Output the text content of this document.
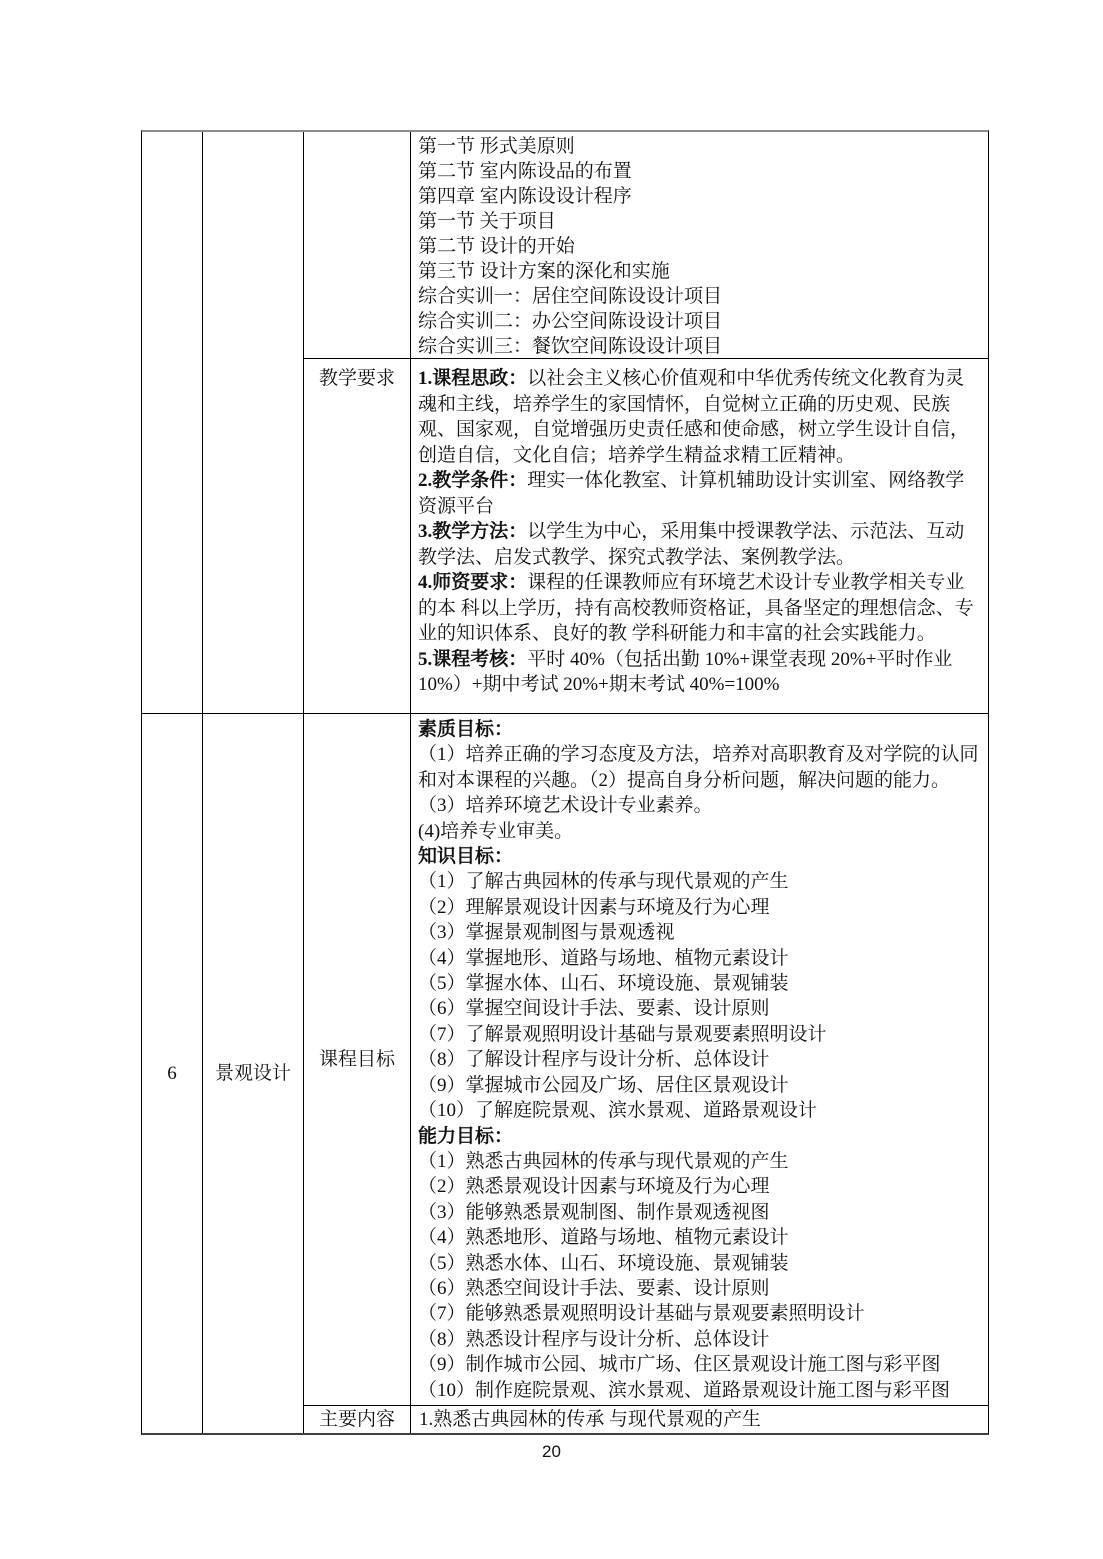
第一节 形式美原则
第二节 室内陈设品的布置
第四章 室内陈设设计程序
第一节 关于项目
第二节 设计的开始
第三节 设计方案的深化和实施
综合实训一：居住空间陈设设计项目
综合实训二：办公空间陈设设计项目
综合实训三：餐饮空间陈设设计项目
教学要求 1.课程思政：以社会主义核心价值观和中华优秀传统文化教育为灵魂和主线，培养学生的家国情怀，自觉树立正确的历史观、民族观、国家观，自觉增强历史责任感和使命感，树立学生设计自信，创造自信，文化自信；培养学生精益求精工匠精神。

2.教学条件：理实一体化教室、计算机辅助设计实训室、网络教学资源平台

3.教学方法：以学生为中心，采用集中授课教学法、示范法、互动教学法、启发式教学、探究式教学法、案例教学法。

4.师资要求：课程的任课教师应有环境艺术设计专业教学相关专业的本 科以上学历，持有高校教师资格证，具备坚定的理想信念、专业的知识体系、良好的教 学科研能力和丰富的社会实践能力。

5.课程考核：平时 40%（包括出勤 10%+课堂表现 20%+平时作业 10%）+期中考试 20%+期末考试 40%=100%

6 景观设计
课程目标
素质目标：
（1）培养正确的学习态度及方法，培养对高职教育及对学院的认同和对本课程的兴趣。（2）提高自身分析问题，解决问题的能力。
（3）培养环境艺术设计专业素养。
(4)培养专业审美。
知识目标：
（1）了解古典园林的传承与现代景观的产生
（2）理解景观设计因素与环境及行为心理
（3）掌握景观制图与景观透视
（4）掌握地形、道路与场地、植物元素设计
（5）掌握水体、山石、环境设施、景观铺装
（6）掌握空间设计手法、要素、设计原则
（7）了解景观照明设计基础与景观要素照明设计
（8）了解设计程序与设计分析、总体设计
（9）掌握城市公园及广场、居住区景观设计
（10）了解庭院景观、滨水景观、道路景观设计
能力目标：
（1）熟悉古典园林的传承与现代景观的产生
（2）熟悉景观设计因素与环境及行为心理
（3）能够熟悉景观制图、制作景观透视图
（4）熟悉地形、道路与场地、植物元素设计
（5）熟悉水体、山石、环境设施、景观铺装
（6）熟悉空间设计手法、要素、设计原则
（7）能够熟悉景观照明设计基础与景观要素照明设计
（8）熟悉设计程序与设计分析、总体设计
（9）制作城市公园、城市广场、住区景观设计施工图与彩平图
（10）制作庭院景观、滨水景观、道路景观设计施工图与彩平图
主要内容 1.熟悉古典园林的传承 与现代景观的产生
20
